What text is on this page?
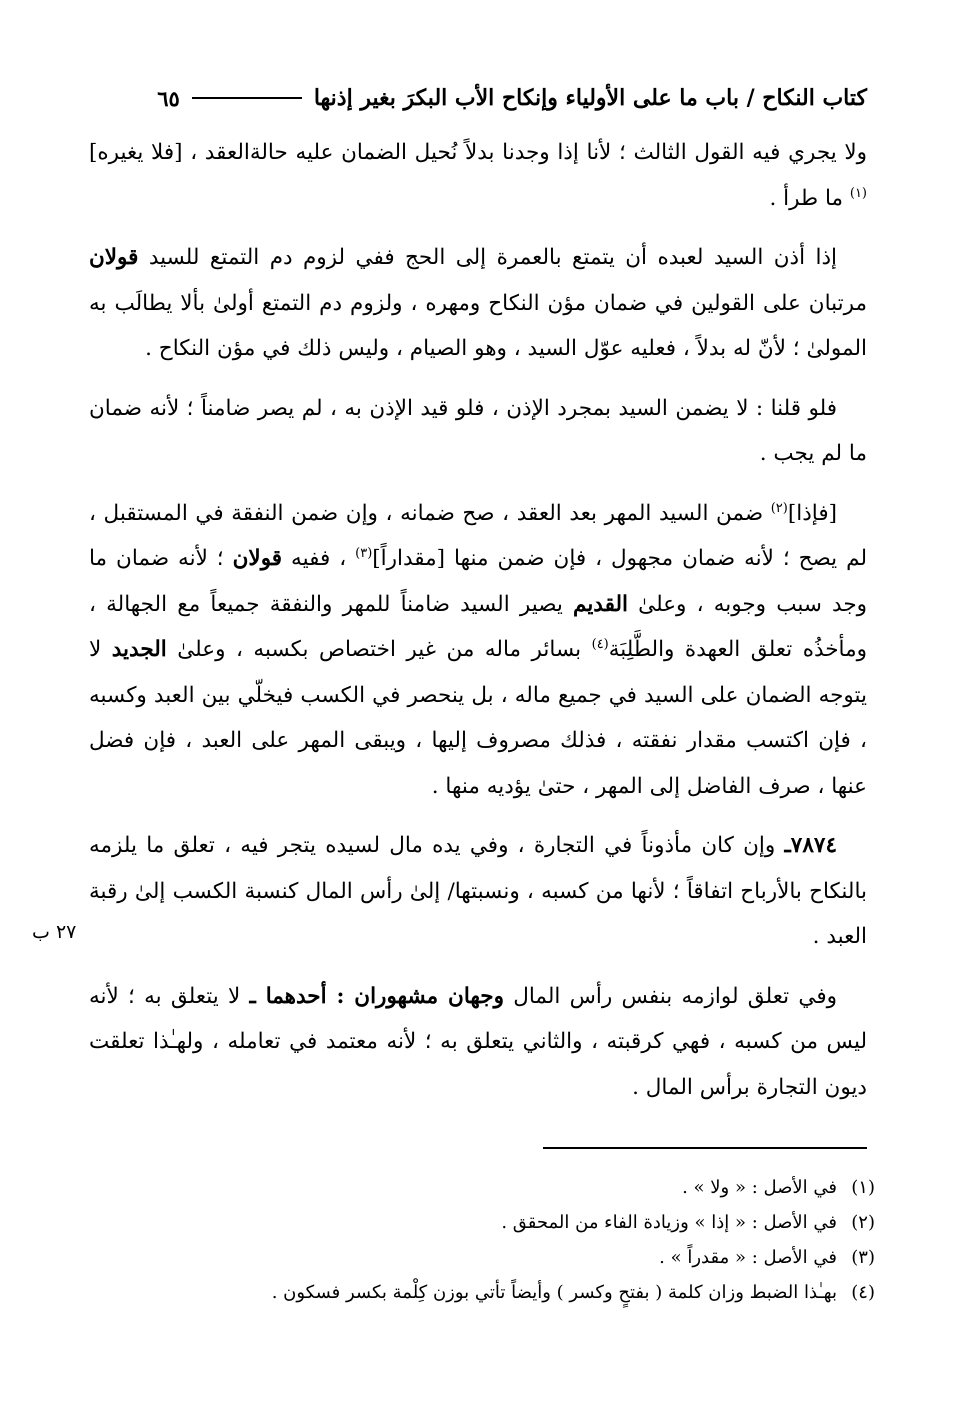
كتاب النكاح / باب ما على الأولياء وإنكاح الأب البكرَ بغير إذنها
٦٥
٢٧ ب

ولا يجري فيه القول الثالث ؛ لأنا إذا وجدنا بدلاً نُحيل الضمان عليه حالةالعقد ، [فلا يغيره]$^{(١)}$ ما طرأ .

إذا أذن السيد لعبده أن يتمتع بالعمرة إلى الحج ففي لزوم دم التمتع للسيد قولان مرتبان على القولين في ضمان مؤن النكاح ومهره ، ولزوم دم التمتع أولىٰ بألا يطالَب به المولىٰ ؛ لأنّ له بدلاً ، فعليه عوّل السيد ، وهو الصيام ، وليس ذلك في مؤن النكاح .

فلو قلنا : لا يضمن السيد بمجرد الإذن ، فلو قيد الإذن به ، لم يصر ضامناً ؛ لأنه ضمان ما لم يجب .

[فإذا]$^{(٢)}$ ضمن السيد المهر بعد العقد ، صح ضمانه ، وإن ضمن النفقة في المستقبل ، لم يصح ؛ لأنه ضمان مجهول ، فإن ضمن منها [مقداراً]$^{(٣)}$ ، ففيه قولان ؛ لأنه ضمان ما وجد سبب وجوبه ، وعلىٰ القديم يصير السيد ضامناً للمهر والنفقة جميعاً مع الجهالة ، ومأخذُه تعلق العهدة والطَّلِبَة$^{(٤)}$ بسائر ماله من غير اختصاص بكسبه ، وعلىٰ الجديد لا يتوجه الضمان على السيد في جميع ماله ، بل ينحصر في الكسب فيخلّي بين العبد وكسبه ، فإن اكتسب مقدار نفقته ، فذلك مصروف إليها ، ويبقى المهر على العبد ، فإن فضل عنها ، صرف الفاضل إلى المهر ، حتىٰ يؤديه منها .

٧٨٧٤ـ وإن كان مأذوناً في التجارة ، وفي يده مال لسيده يتجر فيه ، تعلق ما يلزمه بالنكاح بالأرباح اتفاقاً ؛ لأنها من كسبه ، ونسبتها/ إلىٰ رأس المال كنسبة الكسب إلىٰ رقبة العبد .

وفي تعلق لوازمه بنفس رأس المال وجهان مشهوران : أحدهما ـ لا يتعلق به ؛ لأنه ليس من كسبه ، فهي كرقبته ، والثاني يتعلق به ؛ لأنه معتمد في تعامله ، ولهـٰذا تعلقت ديون التجارة برأس المال .

(١)
في الأصل : « ولا » .
(٢)
في الأصل : « إذا » وزيادة الفاء من المحقق .
(٣)
في الأصل : « مقدراً » .
(٤)
بهـٰذا الضبط وزان كلمة ( بفتحٍ وكسر ) وأيضاً تأتي بوزن كِلْمة بكسر فسكون .
